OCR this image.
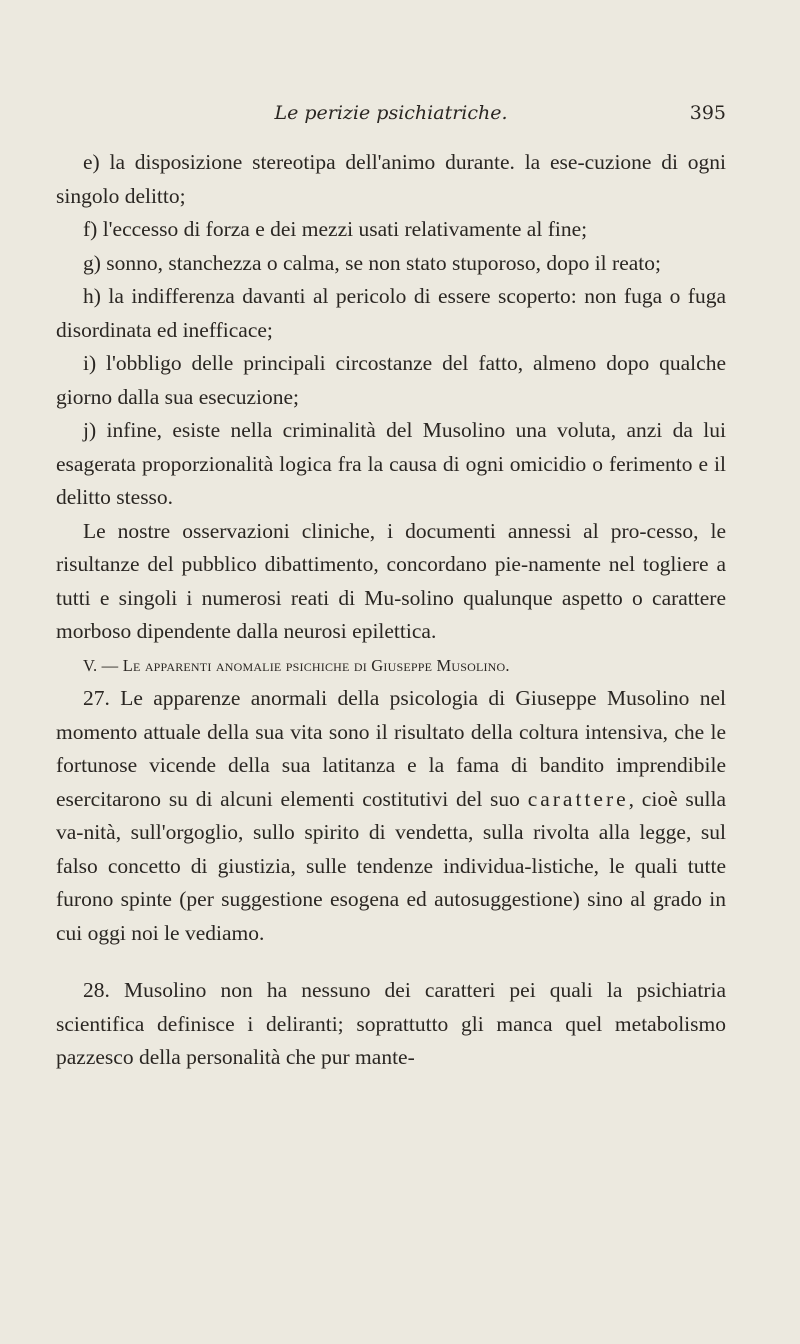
Le perizie psichiatriche.	395

e) la disposizione stereotipa dell'animo durante. la ese-cuzione di ogni singolo delitto;

f) l'eccesso di forza e dei mezzi usati relativamente al fine;

g) sonno, stanchezza o calma, se non stato stuporoso, dopo il reato;

h) la indifferenza davanti al pericolo di essere scoperto: non fuga o fuga disordinata ed inefficace;

i) l'obbligo delle principali circostanze del fatto, almeno dopo qualche giorno dalla sua esecuzione;

j) infine, esiste nella criminalità del Musolino una voluta, anzi da lui esagerata proporzionalità logica fra la causa di ogni omicidio o ferimento e il delitto stesso.

Le nostre osservazioni cliniche, i documenti annessi al pro-cesso, le risultanze del pubblico dibattimento, concordano pie-namente nel togliere a tutti e singoli i numerosi reati di Mu-solino qualunque aspetto o carattere morboso dipendente dalla neurosi epilettica.

V. — Le apparenti anomalie psichiche di Giuseppe Musolino.

27. Le apparenze anormali della psicologia di Giuseppe Musolino nel momento attuale della sua vita sono il risultato della coltura intensiva, che le fortunose vicende della sua latitanza e la fama di bandito imprendibile esercitarono su di alcuni elementi costitutivi del suo carattere, cioè sulla va-nità, sull'orgoglio, sullo spirito di vendetta, sulla rivolta alla legge, sul falso concetto di giustizia, sulle tendenze individua-listiche, le quali tutte furono spinte (per suggestione esogena ed autosuggestione) sino al grado in cui oggi noi le vediamo.

28. Musolino non ha nessuno dei caratteri pei quali la psichiatria scientifica definisce i deliranti; soprattutto gli manca quel metabolismo pazzesco della personalità che pur mante-
